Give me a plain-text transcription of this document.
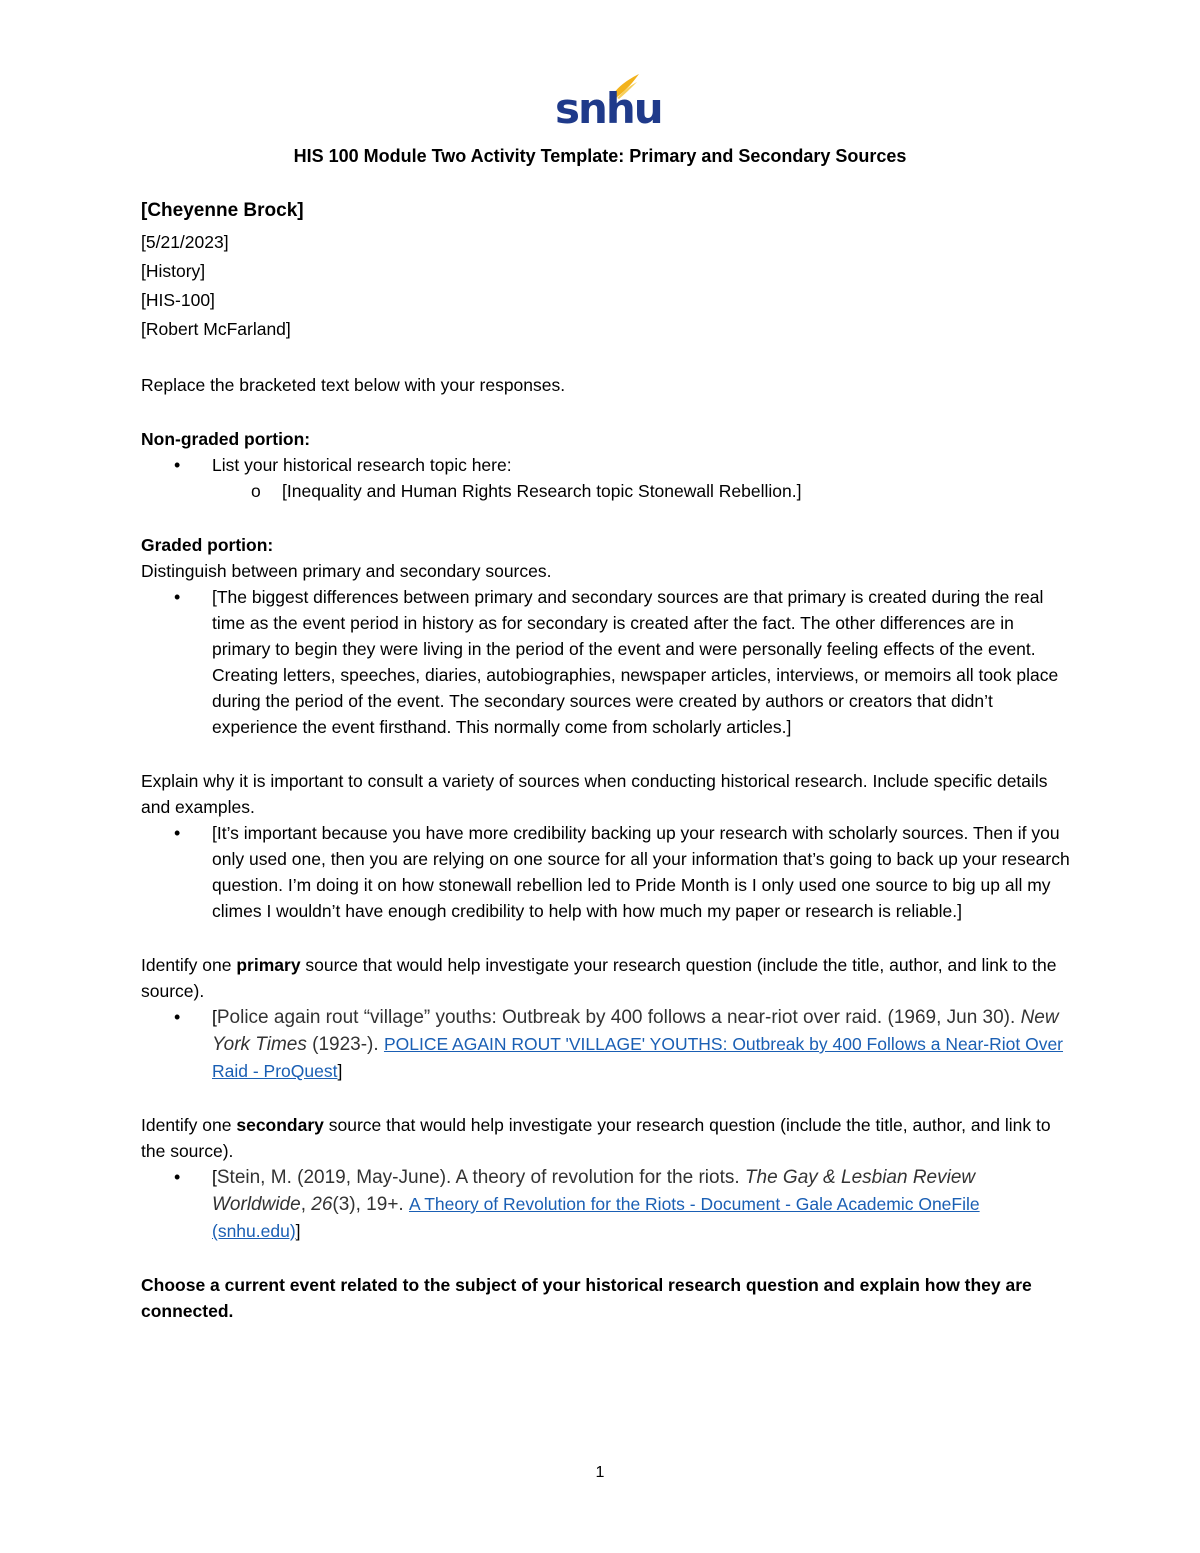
snhu
HIS 100 Module Two Activity Template: Primary and Secondary Sources

[Cheyenne Brock]

[5/21/2023]

[History]

[HIS-100]

[Robert McFarland]

Replace the bracketed text below with your responses.

Non-graded portion:

• List your historical research topic here:
o [Inequality and Human Rights Research topic Stonewall Rebellion.]

Graded portion:

Distinguish between primary and secondary sources.

• [The biggest differences between primary and secondary sources are that primary is created during the real time as the event period in history as for secondary is created after the fact. The other differences are in primary to begin they were living in the period of the event and were personally feeling effects of the event. Creating letters, speeches, diaries, autobiographies, newspaper articles, interviews, or memoirs all took place during the period of the event. The secondary sources were created by authors or creators that didn’t experience the event firsthand. This normally come from scholarly articles.]

Explain why it is important to consult a variety of sources when conducting historical research. Include specific details and examples.

• [It’s important because you have more credibility backing up your research with scholarly sources. Then if you only used one, then you are relying on one source for all your information that’s going to back up your research question. I’m doing it on how stonewall rebellion led to Pride Month is I only used one source to big up all my climes I wouldn’t have enough credibility to help with how much my paper or research is reliable.]

Identify one primary source that would help investigate your research question (include the title, author, and link to the source).

• [Police again rout “village” youths: Outbreak by 400 follows a near-riot over raid. (1969, Jun 30). New York Times (1923-). POLICE AGAIN ROUT 'VILLAGE' YOUTHS: Outbreak by 400 Follows a Near-Riot Over Raid - ProQuest]

Identify one secondary source that would help investigate your research question (include the title, author, and link to the source).

• [Stein, M. (2019, May-June). A theory of revolution for the riots. The Gay & Lesbian Review Worldwide, 26(3), 19+. A Theory of Revolution for the Riots - Document - Gale Academic OneFile (snhu.edu)]

Choose a current event related to the subject of your historical research question and explain how they are connected.

1
